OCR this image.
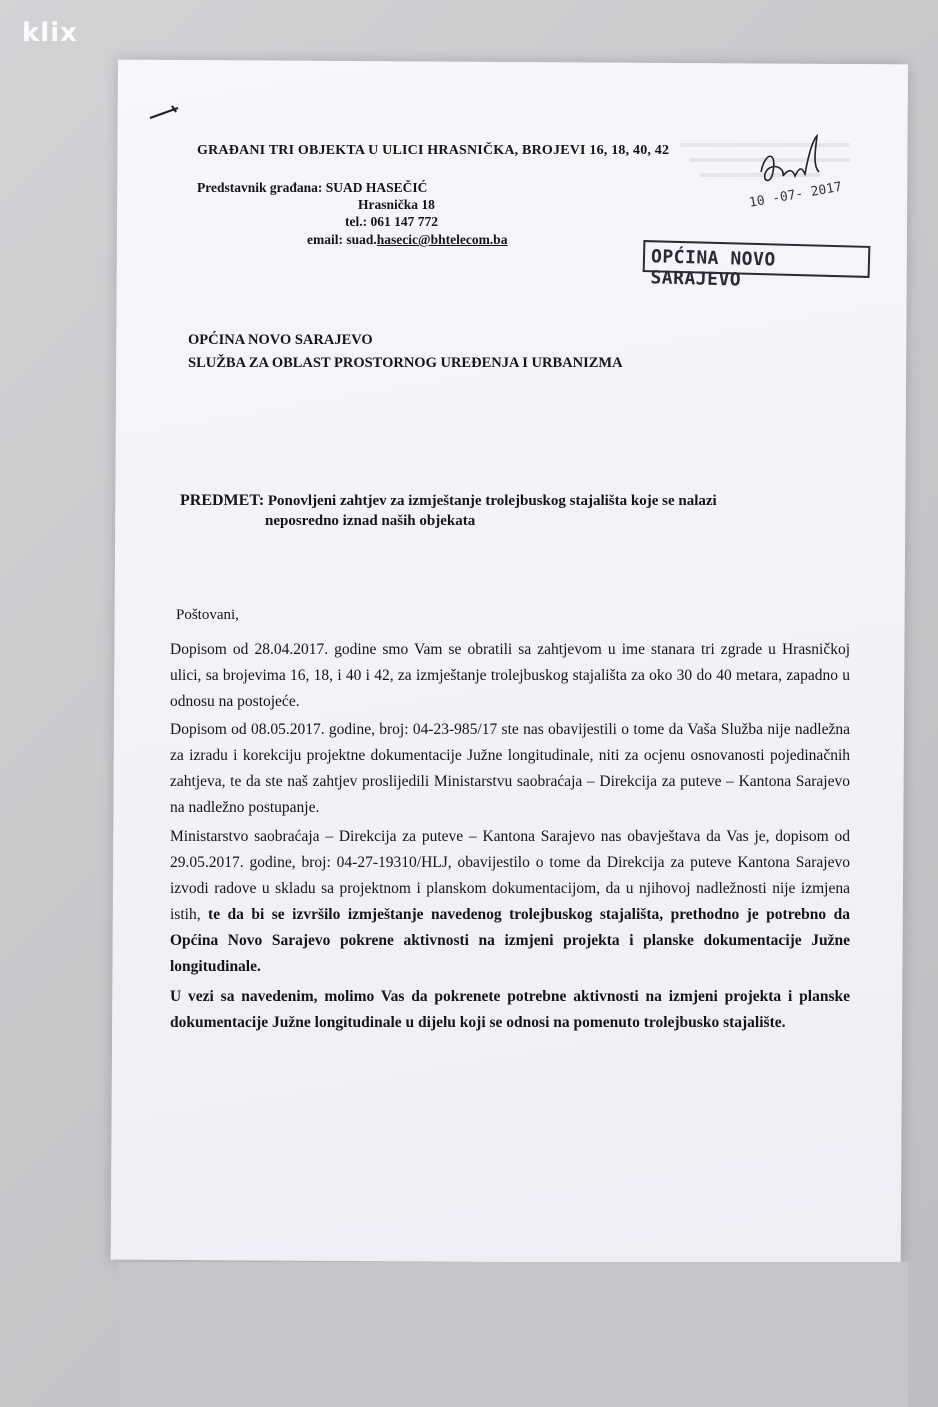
klix
GRAĐANI TRI OBJEKTA U ULICI HRASNIČKA, BROJEVI 16, 18, 40, 42
Predstavnik građana: SUAD HASEČIĆ
Hrasnička 18
tel.: 061 147 772
email: suad.hasecic@bhtelecom.ba
10 -07- 2017
OPĆINA NOVO SARAJEVO
OPĆINA NOVO SARAJEVO
SLUŽBA ZA OBLAST PROSTORNOG UREĐENJA I URBANIZMA
PREDMET: Ponovljeni zahtjev za izmještanje trolejbuskog stajališta koje se nalazi
neposredno iznad naših objekata
Poštovani,
Dopisom od 28.04.2017. godine smo Vam se obratili sa zahtjevom u ime stanara tri zgrade u Hrasničkoj ulici, sa brojevima 16, 18, i 40 i 42, za izmještanje trolejbuskog stajališta za oko 30 do 40 metara, zapadno u odnosu na postojeće.
Dopisom od 08.05.2017. godine, broj: 04-23-985/17 ste nas obavijestili o tome da Vaša Služba nije nadležna za izradu i korekciju projektne dokumentacije Južne longitudinale, niti za ocjenu osnovanosti pojedinačnih zahtjeva, te da ste naš zahtjev proslijedili Ministarstvu saobraćaja – Direkcija za puteve – Kantona Sarajevo na nadležno postupanje.
Ministarstvo saobraćaja – Direkcija za puteve – Kantona Sarajevo nas obavještava da Vas je, dopisom od 29.05.2017. godine, broj: 04-27-19310/HLJ, obavijestilo o tome da Direkcija za puteve Kantona Sarajevo izvodi radove u skladu sa projektnom i planskom dokumentacijom, da u njihovoj nadležnosti nije izmjena istih, te da bi se izvršilo izmještanje navedenog trolejbuskog stajališta, prethodno je potrebno da Općina Novo Sarajevo pokrene aktivnosti na izmjeni projekta i planske dokumentacije Južne longitudinale.
U vezi sa navedenim, molimo Vas da pokrenete potrebne aktivnosti na izmjeni projekta i planske dokumentacije Južne longitudinale u dijelu koji se odnosi na pomenuto trolejbusko stajalište.
